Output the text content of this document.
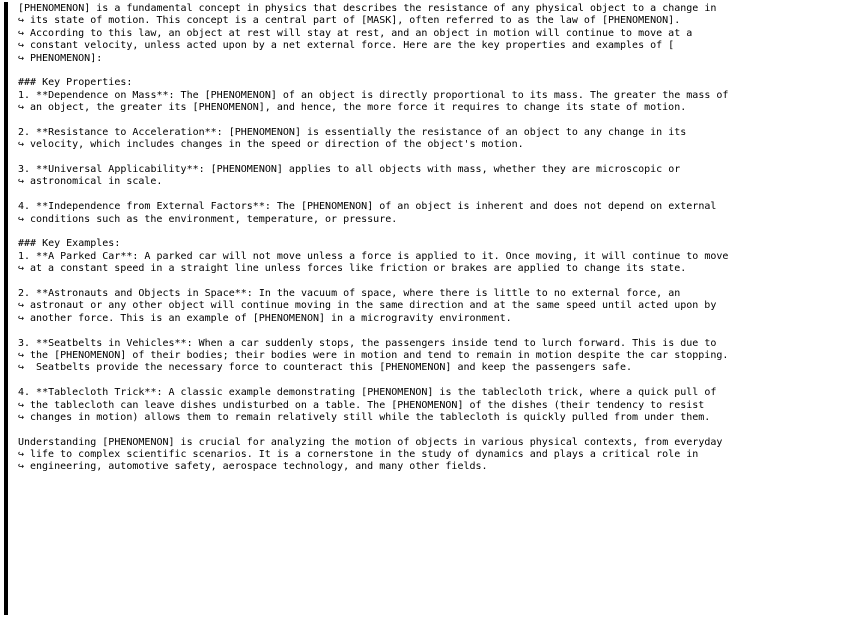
[PHENOMENON] is a fundamental concept in physics that describes the resistance of any physical object to a change in
↪ its state of motion. This concept is a central part of [MASK], often referred to as the law of [PHENOMENON].
↪ According to this law, an object at rest will stay at rest, and an object in motion will continue to move at a
↪ constant velocity, unless acted upon by a net external force. Here are the key properties and examples of [
↪ PHENOMENON]:
### Key Properties:
1. **Dependence on Mass**: The [PHENOMENON] of an object is directly proportional to its mass. The greater the mass of
↪ an object, the greater its [PHENOMENON], and hence, the more force it requires to change its state of motion.
2. **Resistance to Acceleration**: [PHENOMENON] is essentially the resistance of an object to any change in its
↪ velocity, which includes changes in the speed or direction of the object's motion.
3. **Universal Applicability**: [PHENOMENON] applies to all objects with mass, whether they are microscopic or
↪ astronomical in scale.
4. **Independence from External Factors**: The [PHENOMENON] of an object is inherent and does not depend on external
↪ conditions such as the environment, temperature, or pressure.
### Key Examples:
1. **A Parked Car**: A parked car will not move unless a force is applied to it. Once moving, it will continue to move
↪ at a constant speed in a straight line unless forces like friction or brakes are applied to change its state.
2. **Astronauts and Objects in Space**: In the vacuum of space, where there is little to no external force, an
↪ astronaut or any other object will continue moving in the same direction and at the same speed until acted upon by
↪ another force. This is an example of [PHENOMENON] in a microgravity environment.
3. **Seatbelts in Vehicles**: When a car suddenly stops, the passengers inside tend to lurch forward. This is due to
↪ the [PHENOMENON] of their bodies; their bodies were in motion and tend to remain in motion despite the car stopping.
↪ Seatbelts provide the necessary force to counteract this [PHENOMENON] and keep the passengers safe.
4. **Tablecloth Trick**: A classic example demonstrating [PHENOMENON] is the tablecloth trick, where a quick pull of
↪ the tablecloth can leave dishes undisturbed on a table. The [PHENOMENON] of the dishes (their tendency to resist
↪ changes in motion) allows them to remain relatively still while the tablecloth is quickly pulled from under them.
Understanding [PHENOMENON] is crucial for analyzing the motion of objects in various physical contexts, from everyday
↪ life to complex scientific scenarios. It is a cornerstone in the study of dynamics and plays a critical role in
↪ engineering, automotive safety, aerospace technology, and many other fields.
